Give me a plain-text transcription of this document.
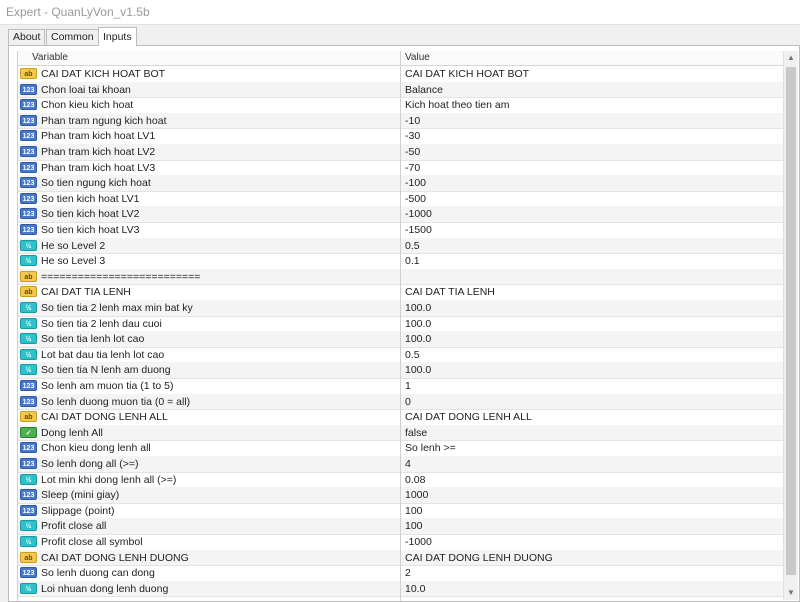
Expert - QuanLyVon_v1.5b
About	Common Inputs
Variable	Value
ab CAI DAT KICH HOAT BOT	CAI DAT KICH HOAT BOT
123 Chon loai tai khoan	Balance
123 Chon kieu kich hoat	Kich hoat theo tien am
123 Phan tram ngung kich hoat	-10
123 Phan tram kich hoat LV1	-30
123 Phan tram kich hoat LV2	-50
123 Phan tram kich hoat LV3	-70
123 So tien ngung kich hoat	-100
123 So tien kich hoat LV1	-500
123 So tien kich hoat LV2	-1000
123 So tien kich hoat LV3	-1500
½ He so Level 2	0.5
½ He so Level 3	0.1
ab ==========================
ab CAI DAT TIA LENH	CAI DAT TIA LENH
½ So tien tia 2 lenh max min bat ky	100.0
½ So tien tia 2 lenh dau cuoi	100.0
½ So tien tia lenh lot cao	100.0
½ Lot bat dau tia lenh lot cao	0.5
½ So tien tia N lenh am duong	100.0
123 So lenh am muon tia (1 to 5)	1
123 So lenh duong muon tia (0 = all)	0
ab CAI DAT DONG LENH ALL	CAI DAT DONG LENH ALL
✓ Dong lenh All	false
123 Chon kieu dong lenh all	So lenh >=
123 So lenh dong all (>=)	4
½ Lot min khi dong lenh all (>=)	0.08
123 Sleep (mini giay)	1000
123 Slippage (point)	100
½ Profit close all	100
½ Profit close all symbol	-1000
ab CAI DAT DONG LENH DUONG	CAI DAT DONG LENH DUONG
123 So lenh duong can dong	2
½ Loi nhuan dong lenh duong	10.0
▲
▼
